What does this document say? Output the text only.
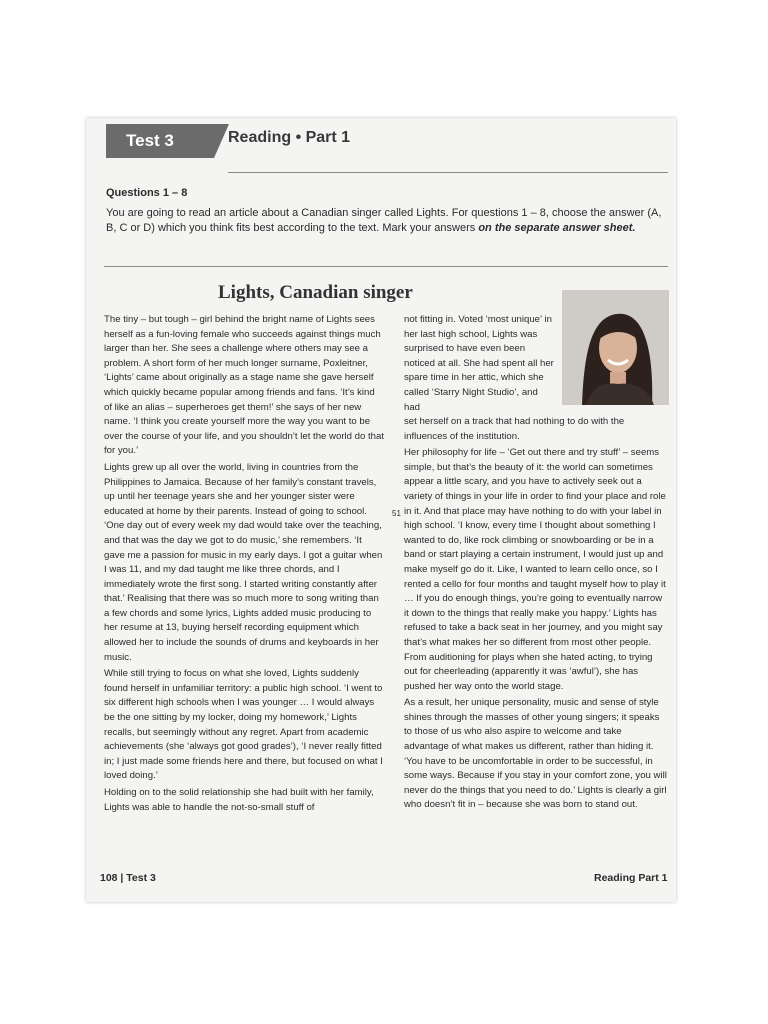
Test 3	Reading • Part 1
Questions 1 – 8
You are going to read an article about a Canadian singer called Lights. For questions 1 – 8, choose the answer (A, B, C or D) which you think fits best according to the text. Mark your answers on the separate answer sheet.
Lights, Canadian singer

The tiny – but tough – girl behind the bright name of Lights sees herself as a fun-loving female who succeeds against things much larger than her. She sees a challenge where others may see a problem. A short form of her much longer surname, Poxleitner, ‘Lights’ came about originally as a stage name she gave herself which quickly became popular among friends and fans. ‘It’s kind of like an alias – superheroes get them!’ she says of her new name. ‘I think you create yourself more the way you want to be over the course of your life, and you shouldn’t let the world do that for you.’

Lights grew up all over the world, living in countries from the Philippines to Jamaica. Because of her family’s constant travels, up until her teenage years she and her younger sister were educated at home by their parents. Instead of going to school. ‘One day out of every week my dad would take over the teaching, and that was the day we got to do music,’ she remembers. ‘It gave me a passion for music in my early days. I got a guitar when I was 11, and my dad taught me like three chords, and I immediately wrote the first song. I started writing constantly after that.’ Realising that there was so much more to song writing than a few chords and some lyrics, Lights added music producing to her resume at 13, buying herself recording equipment which allowed her to include the sounds of drums and keyboards in her music.

While still trying to focus on what she loved, Lights suddenly found herself in unfamiliar territory: a public high school. ‘I went to six different high schools when I was younger … I would always be the one sitting by my locker, doing my homework,’ Lights recalls, but seemingly without any regret. Apart from academic achievements (she ‘always got good grades’), ‘I never really fitted in; I just made some friends here and there, but focused on what I loved doing.’

Holding on to the solid relationship she had built with her family, Lights was able to handle the not-so-small stuff of

not fitting in. Voted ‘most unique’ in her last high school, Lights was surprised to have even been noticed at all. She had spent all her spare time in her attic, which she called ‘Starry Night Studio’, and had

set herself on a track that had nothing to do with the influences of the institution.

Her philosophy for life – ‘Get out there and try stuff’ – seems simple, but that’s the beauty of it: the world can sometimes appear a little scary, and you have to actively seek out a variety of things in your life in order to find your place and role in it. And that place may have nothing to do with your label in high school. ‘I know, every time I thought about something I wanted to do, like rock climbing or snowboarding or be in a band or start playing a certain instrument, I would just up and make myself go do it. Like, I wanted to learn cello once, so I rented a cello for four months and taught myself how to play it … If you do enough things, you’re going to eventually narrow it down to the things that really make you happy.’ Lights has refused to take a back seat in her journey, and you might say that’s what makes her so different from most other people. From auditioning for plays when she hated acting, to trying out for cheerleading (apparently it was ‘awful’), she has pushed her way onto the world stage.

As a result, her unique personality, music and sense of style shines through the masses of other young singers; it speaks to those of us who also aspire to welcome and take advantage of what makes us different, rather than hiding it. ‘You have to be uncomfortable in order to be successful, in some ways. Because if you stay in your comfort zone, you will never do the things that you need to do.’ Lights is clearly a girl who doesn’t fit in – because she was born to stand out.

51
108 | Test 3	Reading Part 1
